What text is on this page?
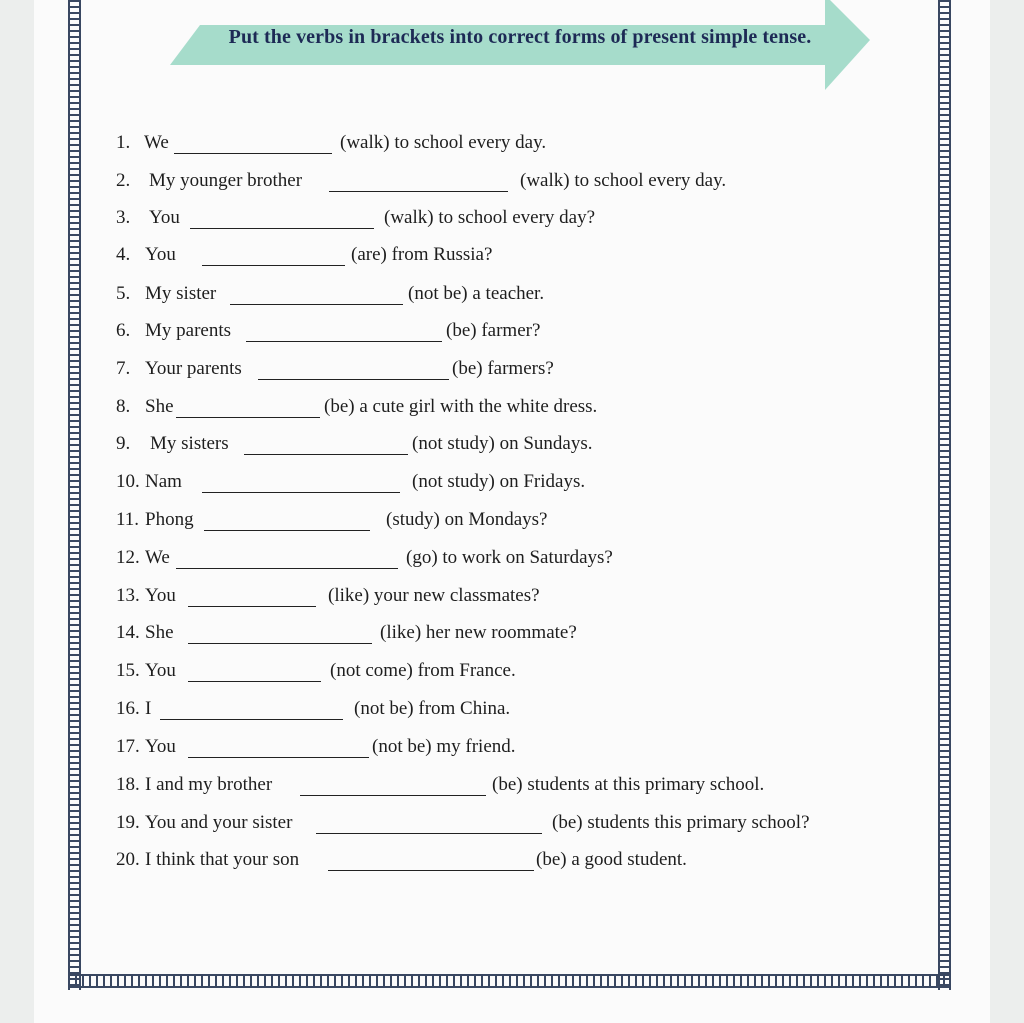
Put the verbs in brackets into correct forms of present simple tense.
1. We	(walk) to school every day.
2. My younger brother	(walk) to school every day.
3. You	(walk) to school every day?
4. You	(are) from Russia?
5. My sister	(not be) a teacher.
6. My parents	(be) farmer?
7. Your parents	(be) farmers?
8. She	(be) a cute girl with the white dress.
9. My sisters	(not study) on Sundays.
10. Nam	(not study) on Fridays.
11. Phong	(study) on Mondays?
12. We	(go) to work on Saturdays?
13. You	(like) your new classmates?
14. She	(like) her new roommate?
15. You	(not come) from France.
16. I	(not be) from China.
17. You	(not be) my friend.
18. I and my brother	(be) students at this primary school.
19. You and your sister	(be) students this primary school?
20. I think that your son	(be) a good student.
